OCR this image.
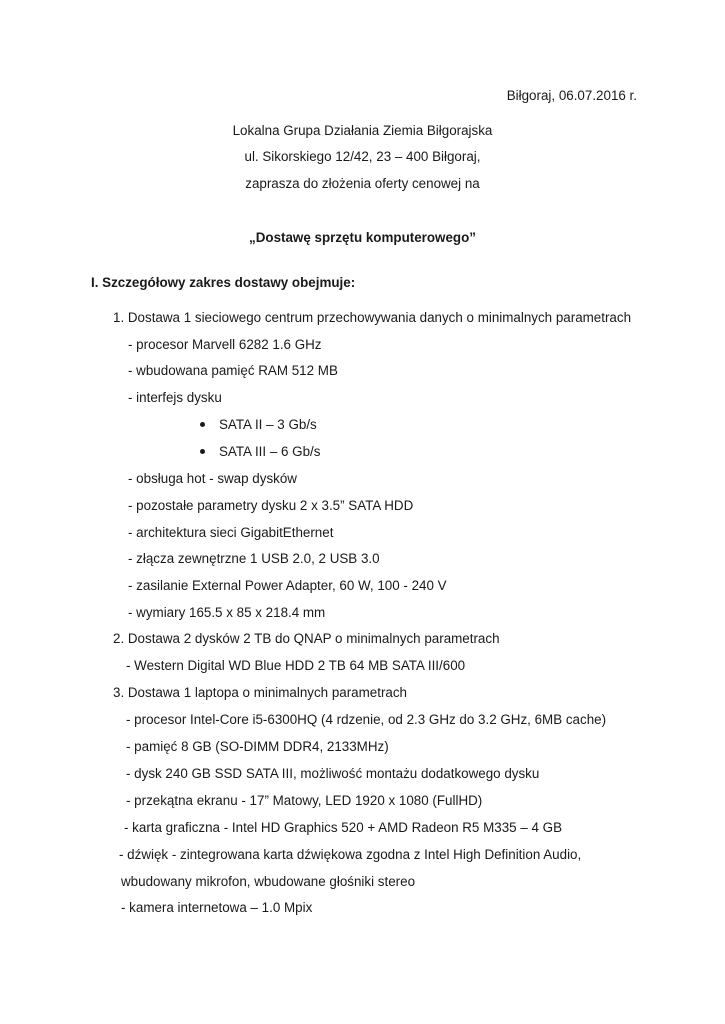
Biłgoraj, 06.07.2016 r.
Lokalna Grupa Działania Ziemia Biłgorajska
ul. Sikorskiego 12/42, 23 – 400 Biłgoraj,
zaprasza do złożenia oferty cenowej na
„Dostawę sprzętu komputerowego”
I. Szczegółowy zakres dostawy obejmuje:
1. Dostawa 1 sieciowego centrum przechowywania danych o minimalnych parametrach
- procesor Marvell 6282 1.6 GHz
- wbudowana pamięć RAM 512 MB
- interfejs dysku
SATA II – 3 Gb/s
SATA III – 6 Gb/s
- obsługa hot - swap dysków
- pozostałe parametry dysku 2 x 3.5” SATA HDD
- architektura sieci GigabitEthernet
- złącza zewnętrzne 1 USB 2.0, 2 USB 3.0
- zasilanie External Power Adapter, 60 W, 100 - 240 V
- wymiary 165.5 x 85 x 218.4 mm
2. Dostawa 2 dysków 2 TB do QNAP o minimalnych parametrach
- Western Digital WD Blue HDD 2 TB 64 MB SATA III/600
3. Dostawa 1 laptopa o minimalnych parametrach
- procesor Intel-Core i5-6300HQ (4 rdzenie, od 2.3 GHz do 3.2 GHz, 6MB cache)
- pamięć 8 GB (SO-DIMM DDR4, 2133MHz)
- dysk 240 GB SSD SATA III, możliwość montażu dodatkowego dysku
- przekątna ekranu - 17” Matowy, LED 1920 x 1080 (FullHD)
- karta graficzna - Intel HD Graphics 520 + AMD Radeon R5 M335 – 4 GB
- dźwięk - zintegrowana karta dźwiękowa zgodna z Intel High Definition Audio,
wbudowany mikrofon, wbudowane głośniki stereo
- kamera internetowa – 1.0 Mpix
